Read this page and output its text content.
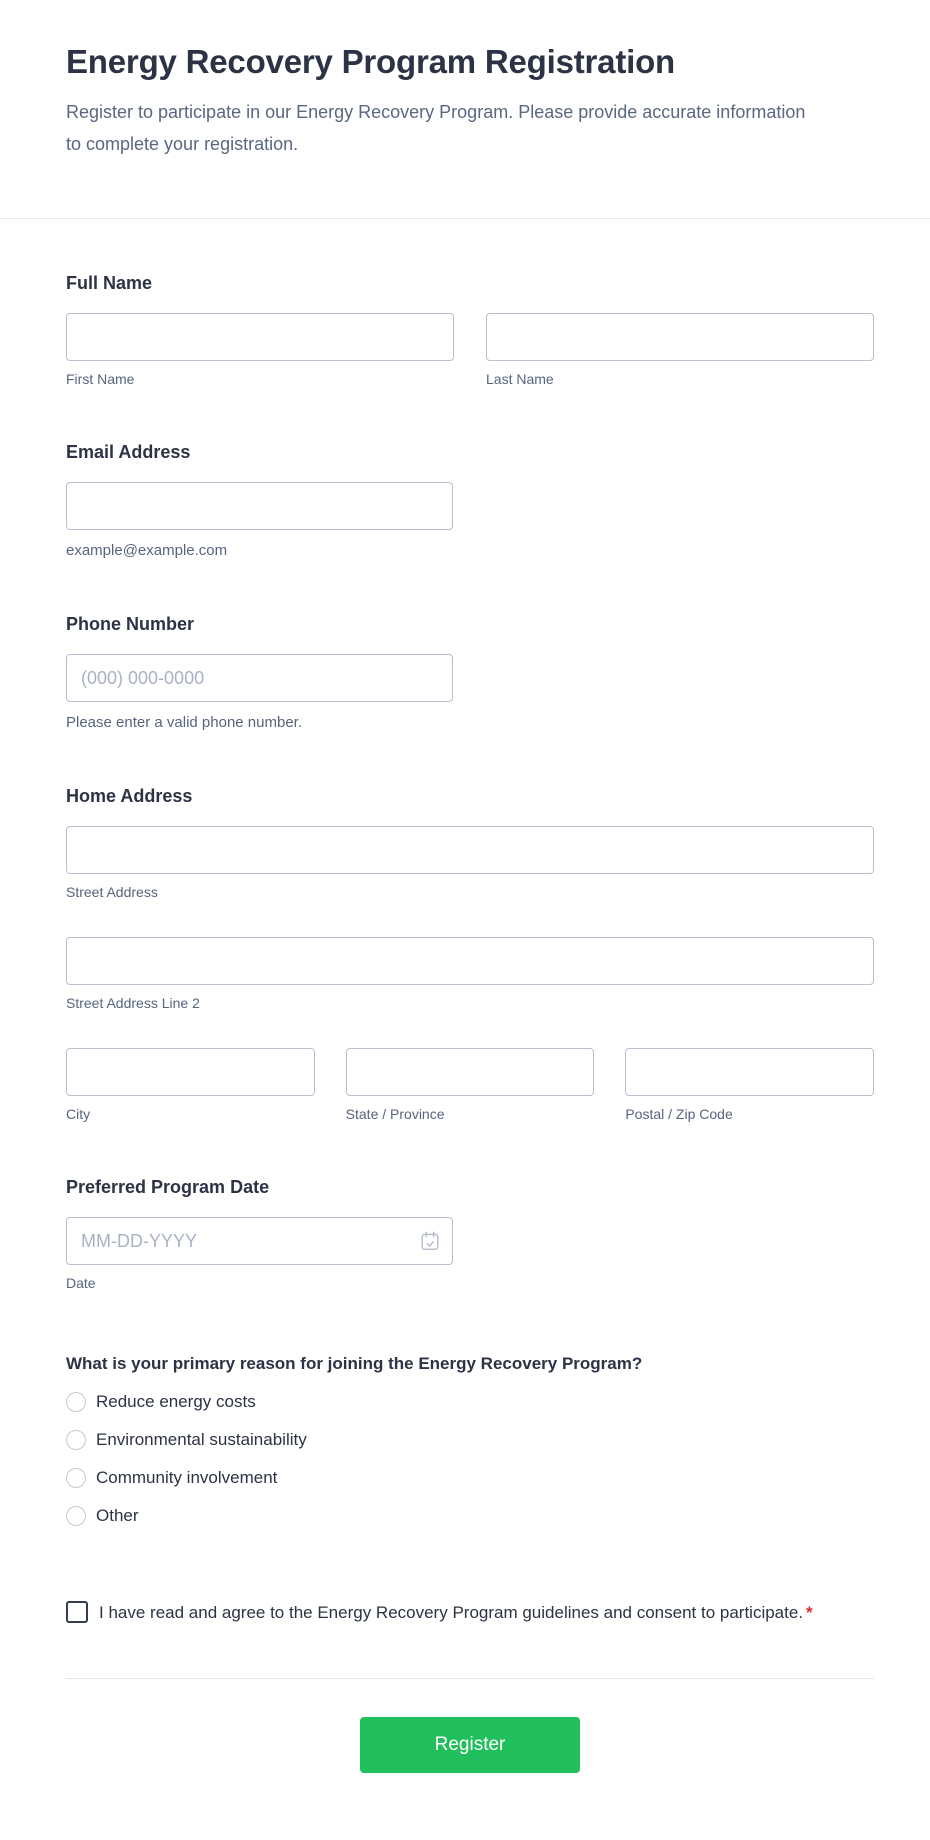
Energy Recovery Program Registration

Register to participate in our Energy Recovery Program. Please provide accurate information to complete your registration.

Full Name
First Name	Last Name
Email Address
example@example.com
Phone Number
(000) 000-0000
Please enter a valid phone number.
Home Address
Street Address
Street Address Line 2
City	State / Province	Postal / Zip Code
Preferred Program Date
MM-DD-YYYY
Date
What is your primary reason for joining the Energy Recovery Program?
Reduce energy costs
Environmental sustainability
Community involvement
Other
I have read and agree to the Energy Recovery Program guidelines and consent to participate. *
Register
